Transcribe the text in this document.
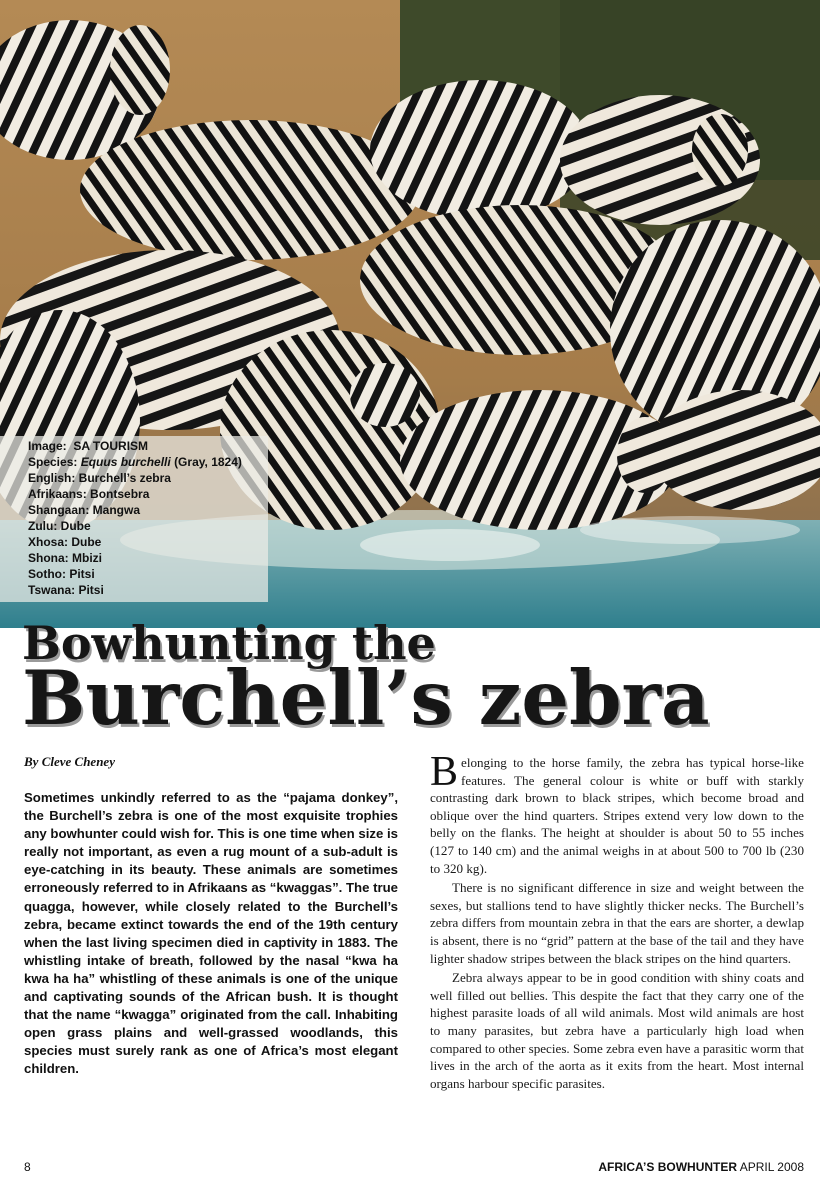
Image: SA TOURISM
Species: Equus burchelli (Gray, 1824)
English: Burchell’s zebra
Afrikaans: Bontsebra
Shangaan: Mangwa
Zulu: Dube
Xhosa: Dube
Shona: Mbizi
Sotho: Pitsi
Tswana: Pitsi
Bowhunting the
Burchell’s zebra
By Cleve Cheney

Sometimes unkindly referred to as the “pajama donkey”, the Burchell’s zebra is one of the most exquisite trophies any bowhunter could wish for. This is one time when size is really not important, as even a rug mount of a sub-adult is eye-catching in its beauty. These animals are sometimes erroneously referred to in Afrikaans as “kwaggas”. The true quagga, however, while closely related to the Burchell’s zebra, became extinct towards the end of the 19th century when the last living specimen died in captivity in 1883. The whistling intake of breath, followed by the nasal “kwa ha kwa ha ha” whistling of these animals is one of the unique and captivating sounds of the African bush. It is thought that the name “kwagga” originated from the call. Inhabiting open grass plains and well-grassed woodlands, this species must surely rank as one of Africa’s most elegant children.

Belonging to the horse family, the zebra has typical horse-like features. The general colour is white or buff with starkly contrasting dark brown to black stripes, which become broad and oblique over the hind quarters. Stripes extend very low down to the belly on the flanks. The height at shoulder is about 50 to 55 inches (127 to 140 cm) and the animal weighs in at about 500 to 700 lb (230 to 320 kg).

There is no significant difference in size and weight between the sexes, but stallions tend to have slightly thicker necks. The Burchell’s zebra differs from mountain zebra in that the ears are shorter, a dewlap is absent, there is no “grid” pattern at the base of the tail and they have lighter shadow stripes between the black stripes on the hind quarters.

Zebra always appear to be in good condition with shiny coats and well filled out bellies. This despite the fact that they carry one of the highest parasite loads of all wild animals. Most wild animals are host to many parasites, but zebra have a particularly high load when compared to other species. Some zebra even have a parasitic worm that lives in the arch of the aorta as it exits from the heart. Most internal organs harbour specific parasites.

8	AFRICA’S BOWHUNTER APRIL 2008
